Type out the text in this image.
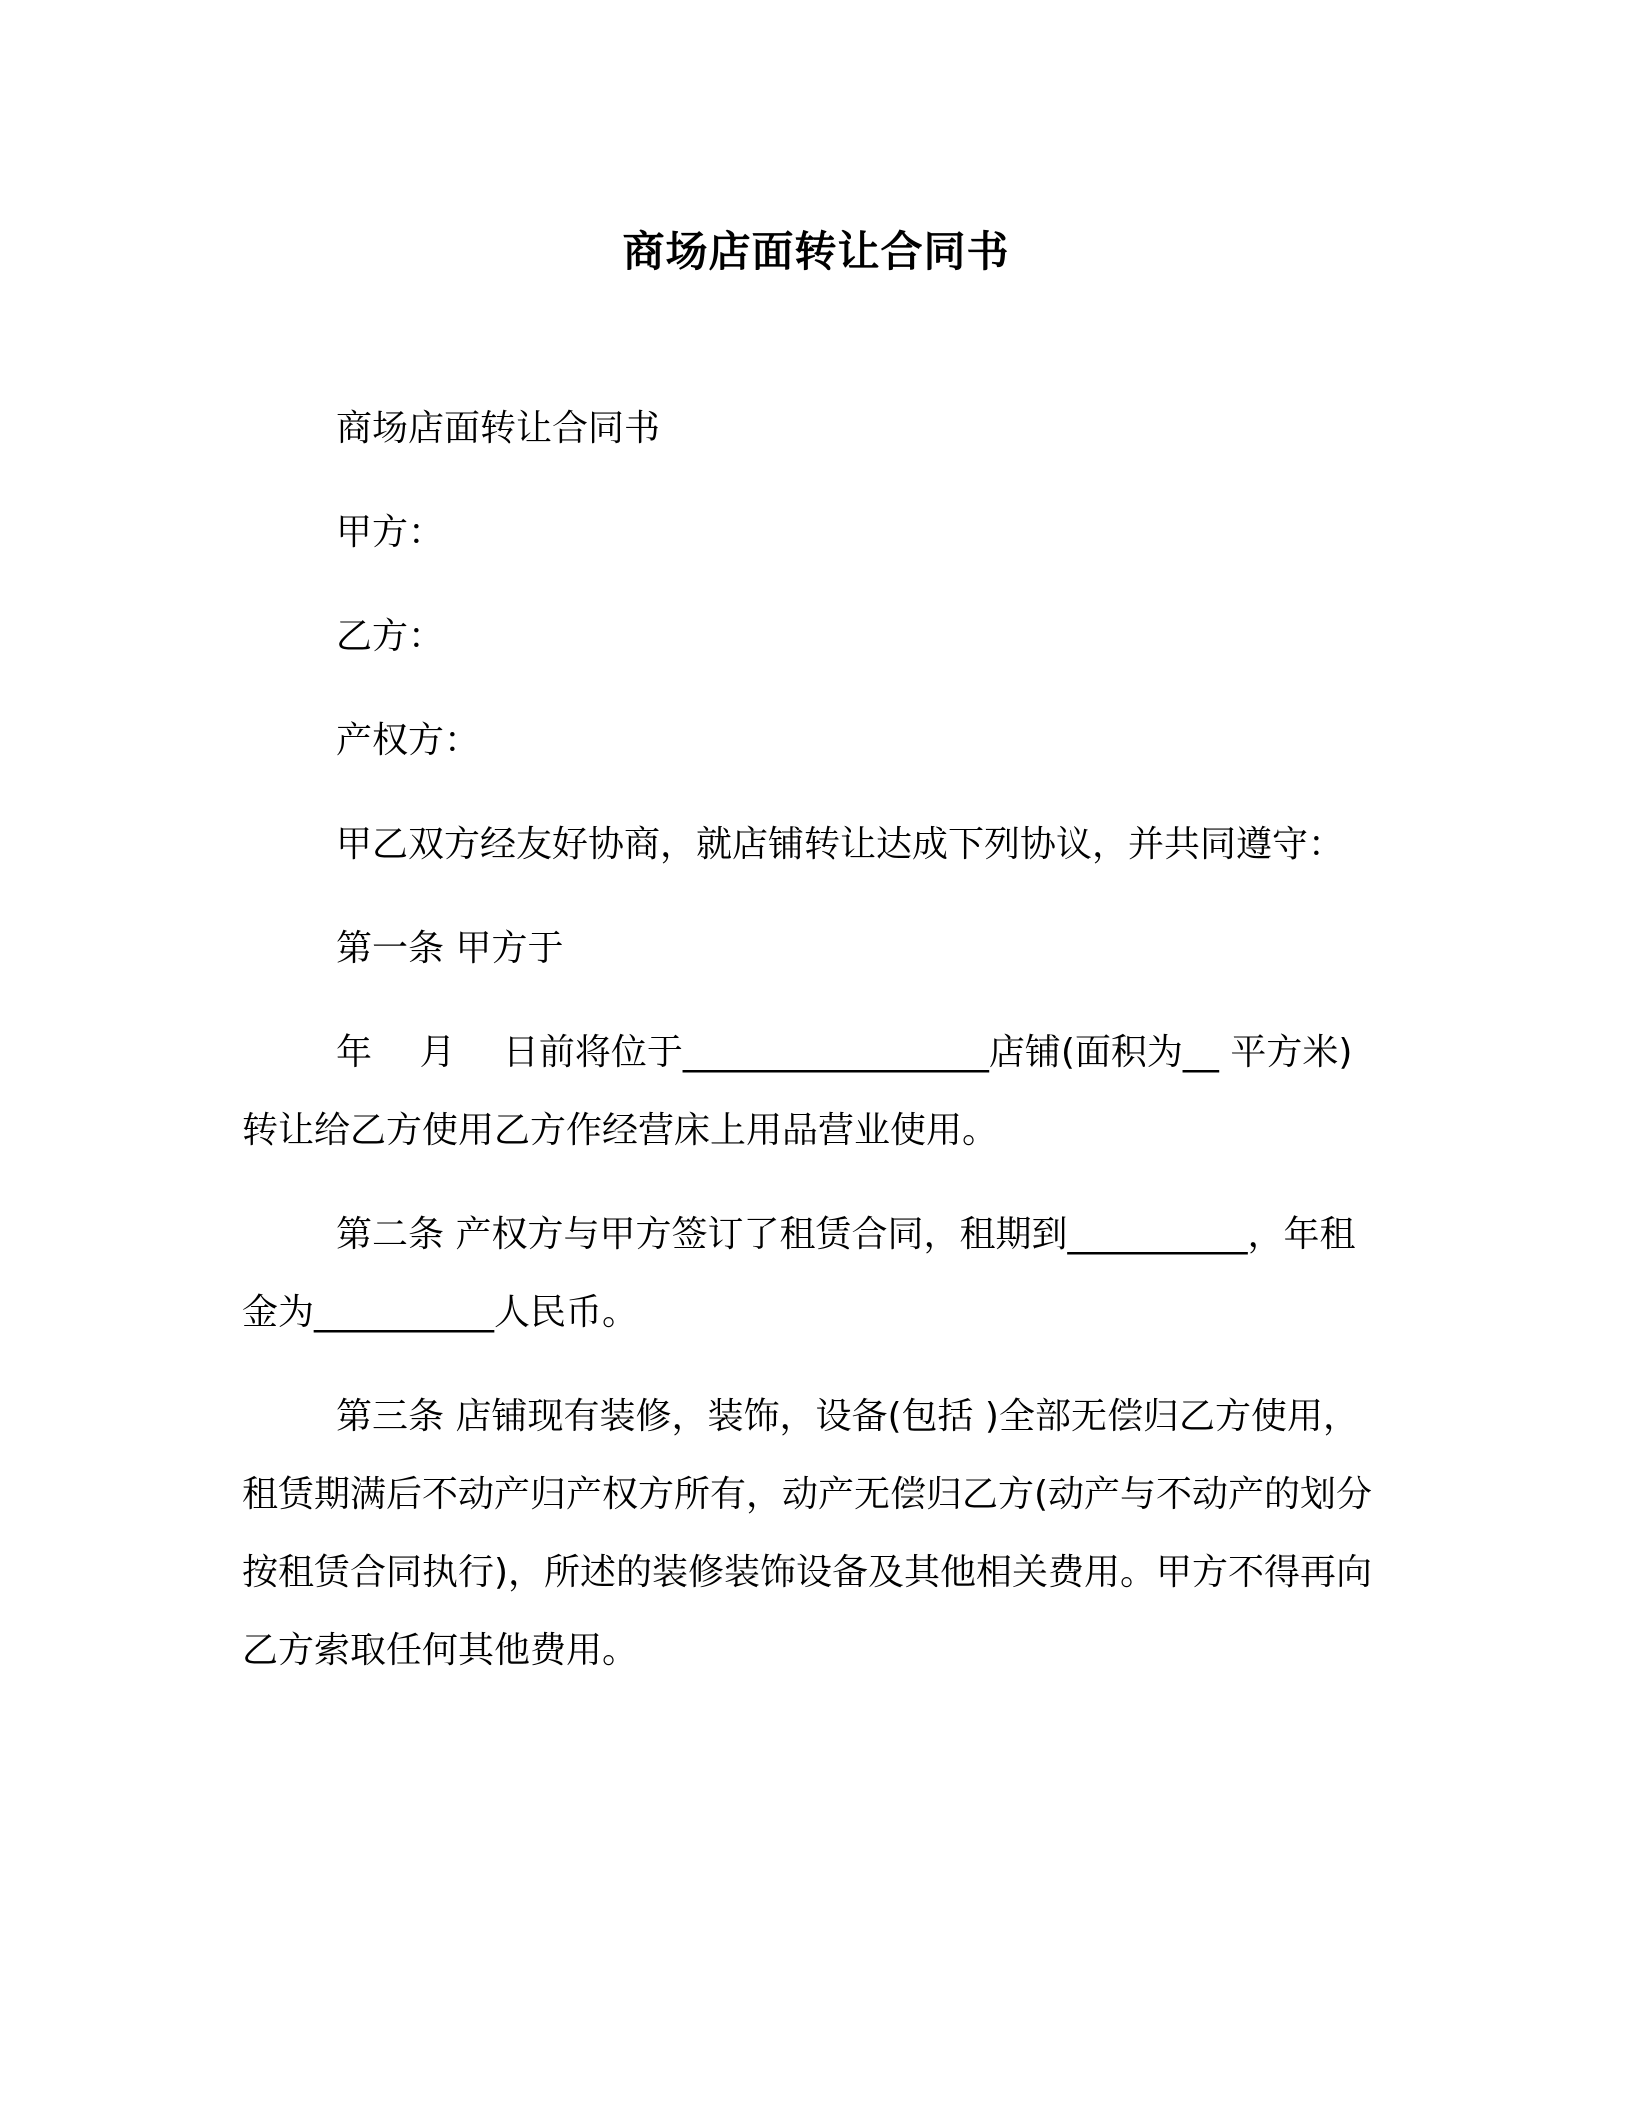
商场店面转让合同书

商场店面转让合同书

甲方：

乙方：

产权方：

甲乙双方经友好协商，就店铺转让达成下列协议，并共同遵守：

第一条 甲方于

年　 月　 日前将位于_________________店铺(面积为__ 平方米)转让给乙方使用乙方作经营床上用品营业使用。

第二条 产权方与甲方签订了租赁合同，租期到__________，年租金为__________人民币。

第三条 店铺现有装修，装饰，设备(包括 )全部无偿归乙方使用，租赁期满后不动产归产权方所有，动产无偿归乙方(动产与不动产的划分按租赁合同执行)，所述的装修装饰设备及其他相关费用。甲方不得再向乙方索取任何其他费用。
